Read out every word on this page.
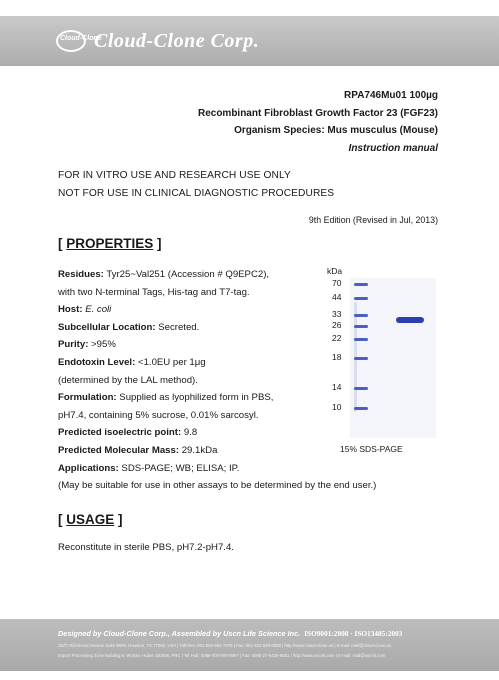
Cloud-Clone
Cloud-Clone Corp.
RPA746Mu01 100µg
Recombinant Fibroblast Growth Factor 23 (FGF23)
Organism Species: Mus musculus (Mouse)
Instruction manual
FOR IN VITRO USE AND RESEARCH USE ONLY
NOT FOR USE IN CLINICAL DIAGNOSTIC PROCEDURES
9th Edition (Revised in Jul, 2013)
[ PROPERTIES ]
Residues: Tyr25~Val251 (Accession # Q9EPC2),
with two N-terminal Tags, His-tag and T7-tag.
Host: E. coli
Subcellular Location: Secreted.
Purity: >95%
Endotoxin Level: <1.0EU per 1μg
(determined by the LAL method).
Formulation: Supplied as lyophilized form in PBS,
pH7.4, containing 5% sucrose, 0.01% sarcosyl.
Predicted isoelectric point: 9.8
Predicted Molecular Mass: 29.1kDa
Applications: SDS-PAGE; WB; ELISA; IP.
(May be suitable for use in other assays to be determined by the end user.)
kDa
70
44
33
26
22
18
14
10
15% SDS-PAGE
[ USAGE ]
Reconstitute in sterile PBS, pH7.2-pH7.4.
Designed by Cloud-Clone Corp., Assembled by Uscn Life Science Inc. ISO9001:2008 · ISO13485:2003
1D/T: Richmond Avenue Suite 9009, Houston, TX 77060, USA | Toll-free: 001-800-662-7478 | Fax: 001-832-538-0068 | http://www.cloud-clone.us | E-mail: mail@cloud-clone.us
Export Processing Zone Building 6, Wuhan, Hubei 430056, PRC | Tel Hub: 0086-400-808-0997 | Fax: 0086-27-8425-8551 | http://www.uscnk.com | E-mail: mail@uscnk.com
